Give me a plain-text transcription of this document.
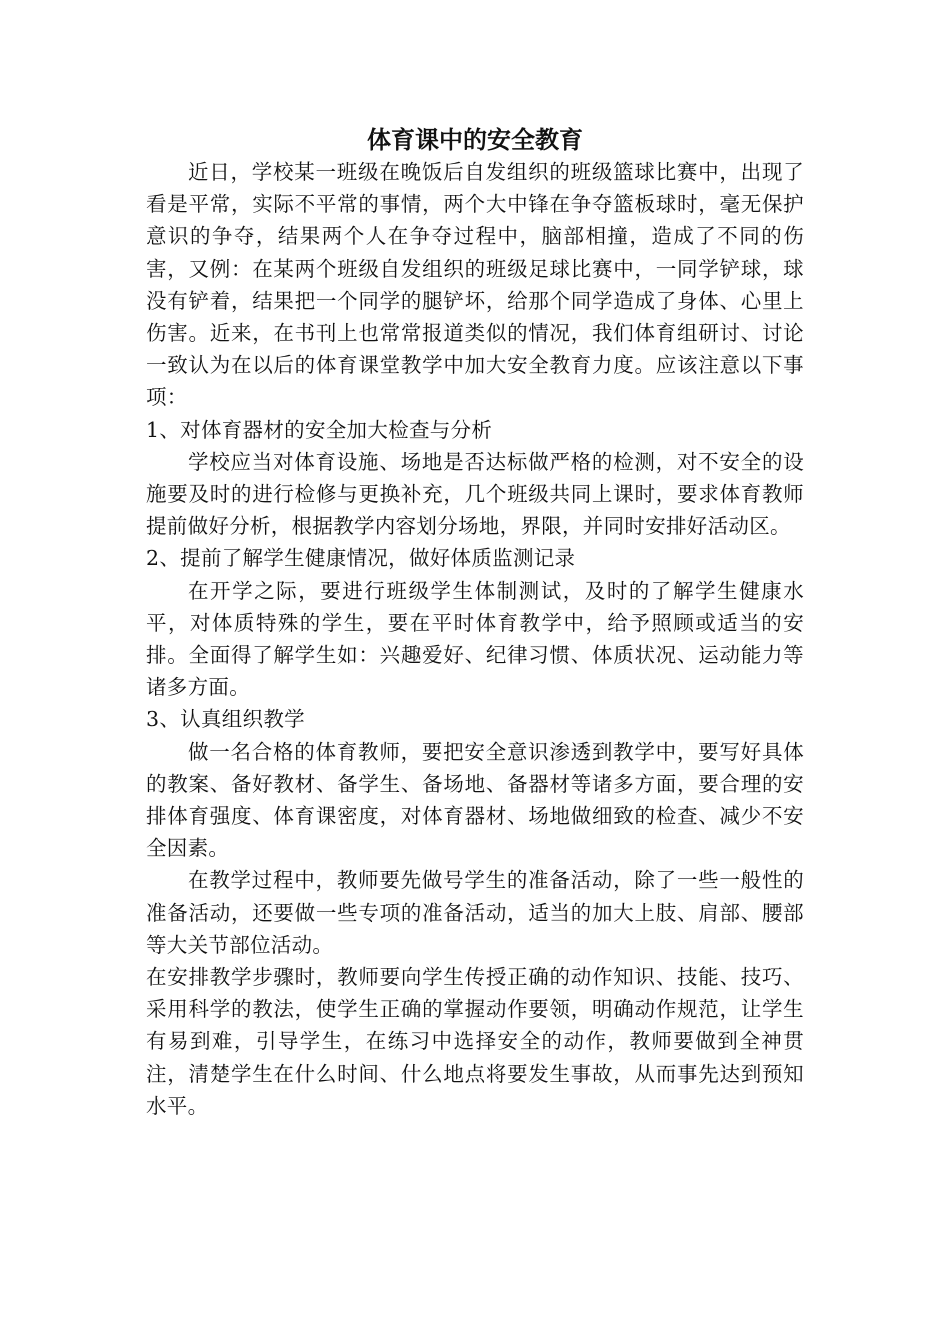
体育课中的安全教育

近日，学校某一班级在晚饭后自发组织的班级篮球比赛中，出现了看是平常，实际不平常的事情，两个大中锋在争夺篮板球时，毫无保护意识的争夺，结果两个人在争夺过程中，脑部相撞，造成了不同的伤害，又例：在某两个班级自发组织的班级足球比赛中，一同学铲球，球没有铲着，结果把一个同学的腿铲坏，给那个同学造成了身体、心里上伤害。近来，在书刊上也常常报道类似的情况，我们体育组研讨、讨论一致认为在以后的体育课堂教学中加大安全教育力度。应该注意以下事项：

1、对体育器材的安全加大检查与分析

学校应当对体育设施、场地是否达标做严格的检测，对不安全的设施要及时的进行检修与更换补充，几个班级共同上课时，要求体育教师提前做好分析，根据教学内容划分场地，界限，并同时安排好活动区。

2、提前了解学生健康情况，做好体质监测记录

在开学之际，要进行班级学生体制测试，及时的了解学生健康水平，对体质特殊的学生，要在平时体育教学中，给予照顾或适当的安排。全面得了解学生如：兴趣爱好、纪律习惯、体质状况、运动能力等诸多方面。

3、认真组织教学

做一名合格的体育教师，要把安全意识渗透到教学中，要写好具体的教案、备好教材、备学生、备场地、备器材等诸多方面，要合理的安排体育强度、体育课密度，对体育器材、场地做细致的检查、减少不安全因素。

在教学过程中，教师要先做号学生的准备活动，除了一些一般性的准备活动，还要做一些专项的准备活动，适当的加大上肢、肩部、腰部等大关节部位活动。

在安排教学步骤时，教师要向学生传授正确的动作知识、技能、技巧、采用科学的教法，使学生正确的掌握动作要领，明确动作规范，让学生有易到难，引导学生，在练习中选择安全的动作，教师要做到全神贯注，清楚学生在什么时间、什么地点将要发生事故，从而事先达到预知水平。
